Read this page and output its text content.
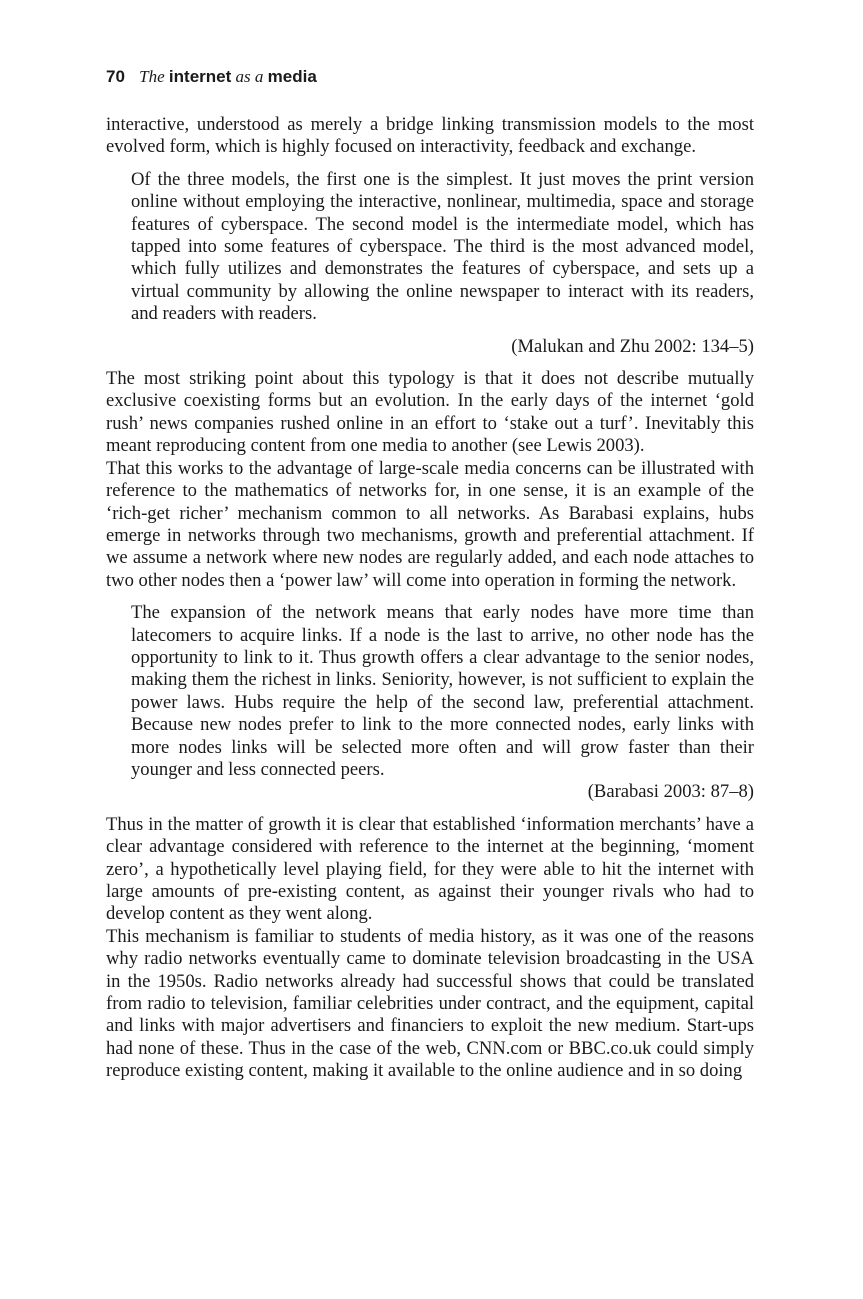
70 The internet as a media

interactive, understood as merely a bridge linking transmission models to the most evolved form, which is highly focused on interactivity, feedback and exchange.

Of the three models, the first one is the simplest. It just moves the print version online without employing the interactive, nonlinear, multimedia, space and storage features of cyberspace. The second model is the intermediate model, which has tapped into some features of cyberspace. The third is the most advanced model, which fully utilizes and demonstrates the features of cyberspace, and sets up a virtual community by allowing the online newspaper to interact with its readers, and readers with readers.

(Malukan and Zhu 2002: 134–5)

The most striking point about this typology is that it does not describe mutually exclusive coexisting forms but an evolution. In the early days of the internet ‘gold rush’ news companies rushed online in an effort to ‘stake out a turf’. Inevitably this meant reproducing content from one media to another (see Lewis 2003).

That this works to the advantage of large-scale media concerns can be illustrated with reference to the mathematics of networks for, in one sense, it is an example of the ‘rich-get richer’ mechanism common to all networks. As Barabasi explains, hubs emerge in networks through two mechanisms, growth and preferential attachment. If we assume a network where new nodes are regularly added, and each node attaches to two other nodes then a ‘power law’ will come into operation in forming the network.

The expansion of the network means that early nodes have more time than latecomers to acquire links. If a node is the last to arrive, no other node has the opportunity to link to it. Thus growth offers a clear advantage to the senior nodes, making them the richest in links. Seniority, however, is not sufficient to explain the power laws. Hubs require the help of the second law, preferential attachment. Because new nodes prefer to link to the more connected nodes, early links with more nodes links will be selected more often and will grow faster than their younger and less connected peers.

(Barabasi 2003: 87–8)

Thus in the matter of growth it is clear that established ‘information merchants’ have a clear advantage considered with reference to the internet at the beginning, ‘moment zero’, a hypothetically level playing field, for they were able to hit the internet with large amounts of pre-existing content, as against their younger rivals who had to develop content as they went along.

This mechanism is familiar to students of media history, as it was one of the reasons why radio networks eventually came to dominate television broadcasting in the USA in the 1950s. Radio networks already had successful shows that could be translated from radio to television, familiar celebrities under contract, and the equipment, capital and links with major advertisers and financiers to exploit the new medium. Start-ups had none of these. Thus in the case of the web, CNN.com or BBC.co.uk could simply reproduce existing content, making it available to the online audience and in so doing
